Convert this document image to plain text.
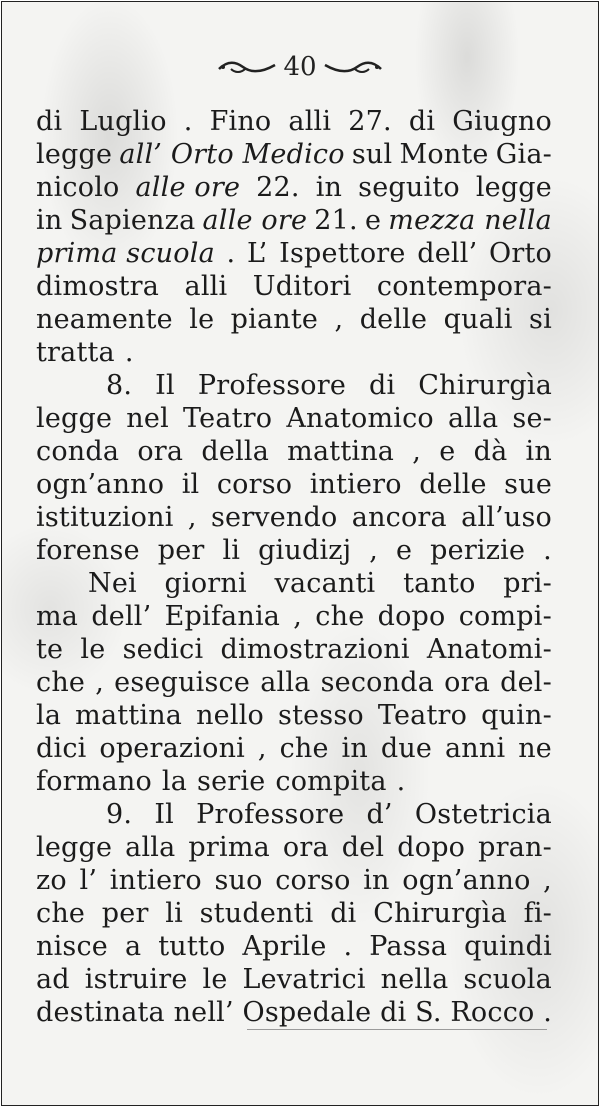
40
di Luglio . Fino alli 27. di Giugno
legge all’ Orto Medico sul Monte Gia-
nicolo alle ore 22. in seguito legge
in Sapienza alle ore 21. e mezza nella
prima scuola . L’ Ispettore dell’ Orto
dimostra alli Uditori contempora-
neamente le piante , delle quali si
tratta .
8. Il Professore di Chirurgìa
legge nel Teatro Anatomico alla se-
conda ora della mattina , e dà in
ogn’anno il corso intiero delle sue
istituzioni , servendo ancora all’uso
forense per li giudizj , e perizie .
Nei giorni vacanti tanto pri-
ma dell’ Epifania , che dopo compi-
te le sedici dimostrazioni Anatomi-
che , eseguisce alla seconda ora del-
la mattina nello stesso Teatro quin-
dici operazioni , che in due anni ne
formano la serie compita .
9. Il Professore d’ Ostetricia
legge alla prima ora del dopo pran-
zo l’ intiero suo corso in ogn’anno ,
che per li studenti di Chirurgìa fi-
nisce a tutto Aprile . Passa quindi
ad istruire le Levatrici nella scuola
destinata nell’ Ospedale di S. Rocco .
